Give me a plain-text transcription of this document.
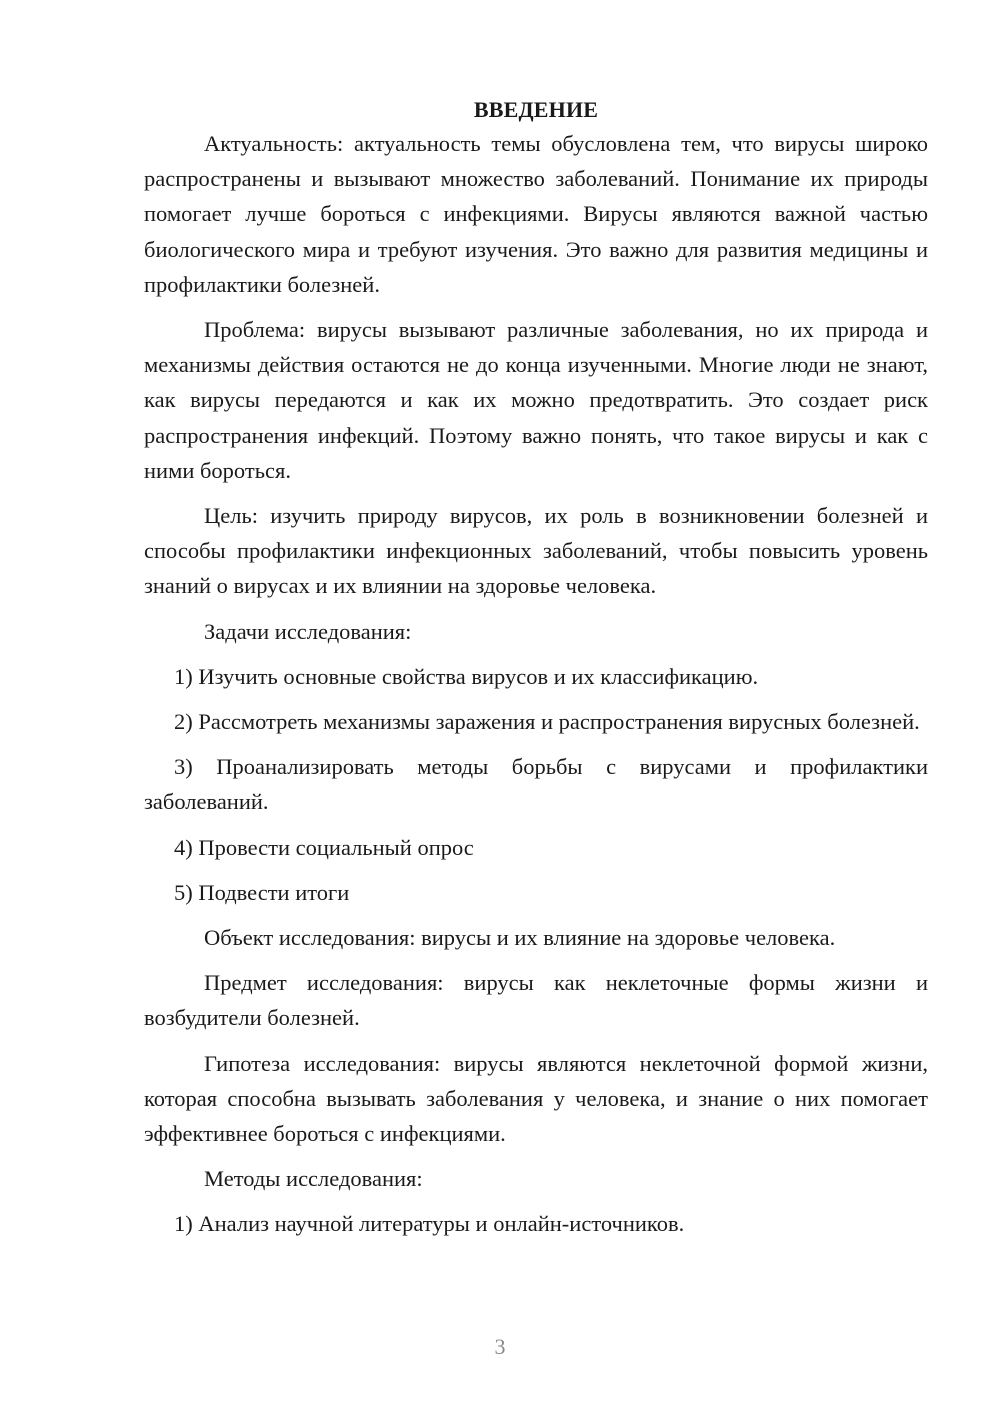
ВВЕДЕНИЕ

Актуальность: актуальность темы обусловлена тем, что вирусы широко распространены и вызывают множество заболеваний. Понимание их природы помогает лучше бороться с инфекциями. Вирусы являются важной частью биологического мира и требуют изучения. Это важно для развития медицины и профилактики болезней.

Проблема: вирусы вызывают различные заболевания, но их природа и механизмы действия остаются не до конца изученными. Многие люди не знают, как вирусы передаются и как их можно предотвратить. Это создает риск распространения инфекций. Поэтому важно понять, что такое вирусы и как с ними бороться.

Цель: изучить природу вирусов, их роль в возникновении болезней и способы профилактики инфекционных заболеваний, чтобы повысить уровень знаний о вирусах и их влиянии на здоровье человека.

Задачи исследования:

1) Изучить основные свойства вирусов и их классификацию.

2) Рассмотреть механизмы заражения и распространения вирусных болезней.

3) Проанализировать методы борьбы с вирусами и профилактики заболеваний.

4) Провести социальный опрос

5) Подвести итоги

Объект исследования: вирусы и их влияние на здоровье человека.

Предмет исследования: вирусы как неклеточные формы жизни и возбудители болезней.

Гипотеза исследования: вирусы являются неклеточной формой жизни, которая способна вызывать заболевания у человека, и знание о них помогает эффективнее бороться с инфекциями.

Методы исследования:

1) Анализ научной литературы и онлайн-источников.

3
